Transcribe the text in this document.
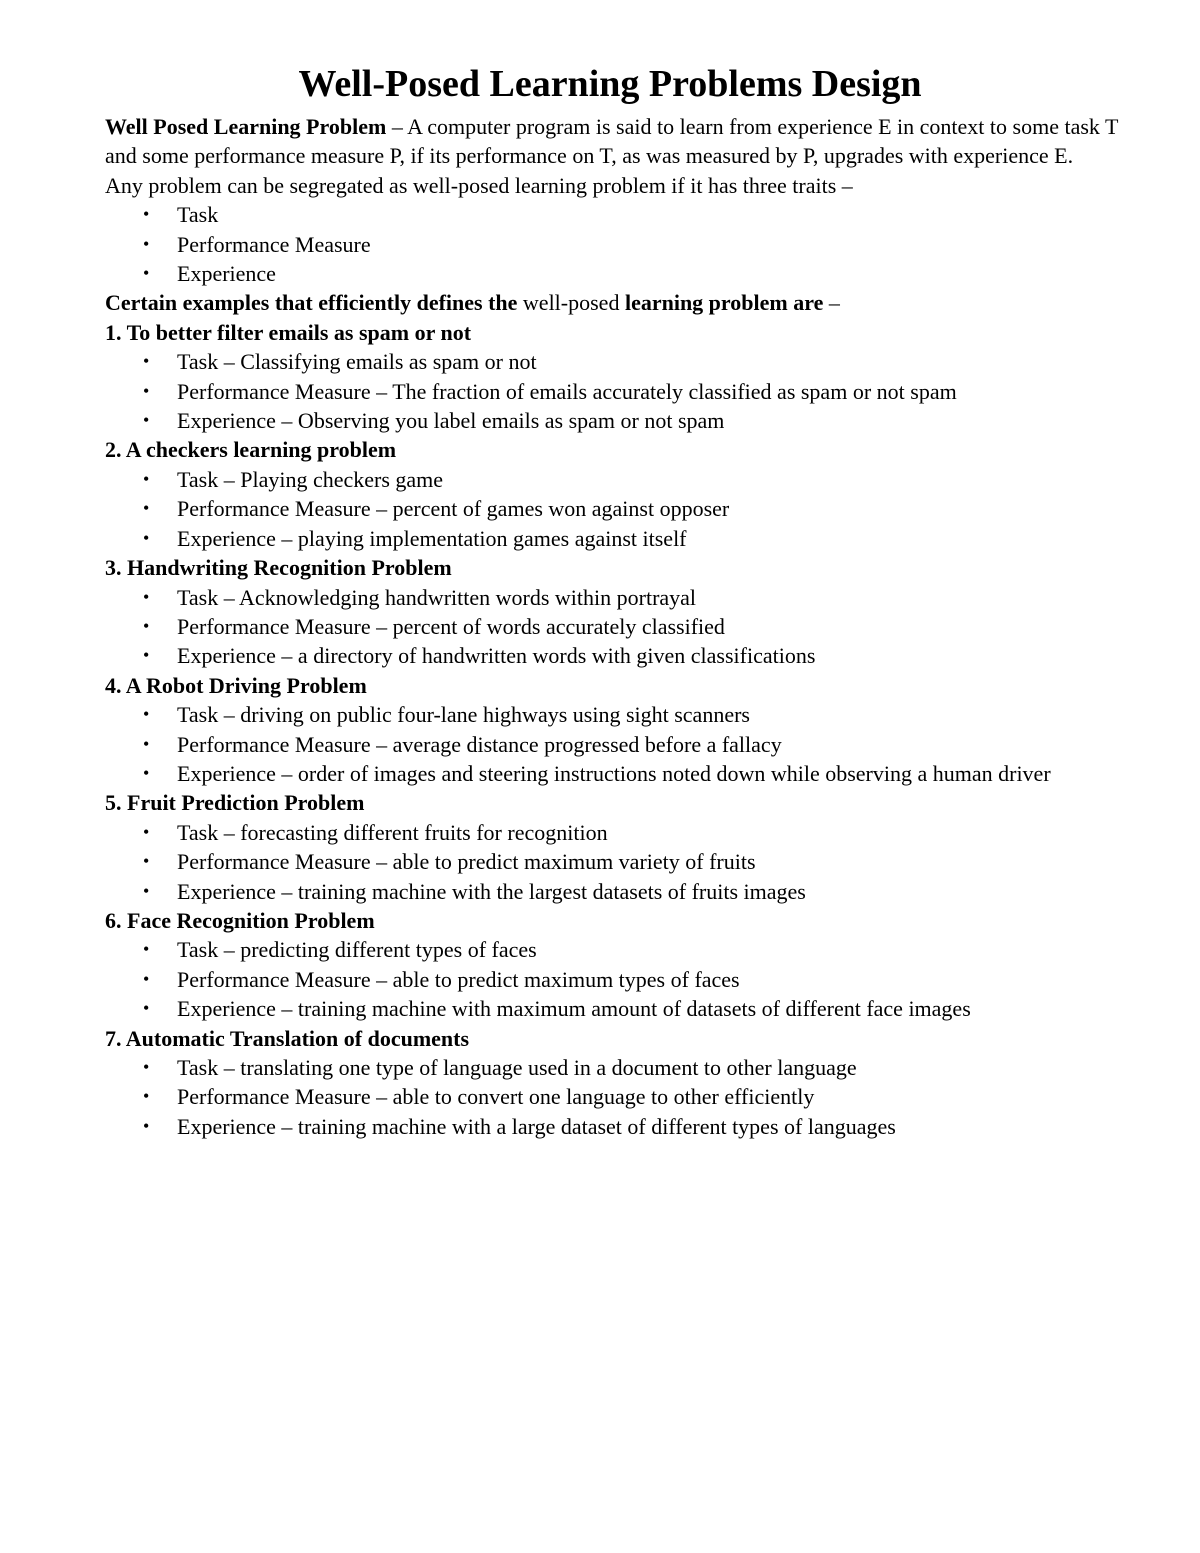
Well-Posed Learning Problems Design

Well Posed Learning Problem – A computer program is said to learn from experience E in context to some task T and some performance measure P, if its performance on T, as was measured by P, upgrades with experience E.

Any problem can be segregated as well-posed learning problem if it has three traits –

• Task
• Performance Measure
• Experience

Certain examples that efficiently defines the well-posed learning problem are –

1. To better filter emails as spam or not

• Task – Classifying emails as spam or not
• Performance Measure – The fraction of emails accurately classified as spam or not spam
• Experience – Observing you label emails as spam or not spam

2. A checkers learning problem

• Task – Playing checkers game
• Performance Measure – percent of games won against opposer
• Experience – playing implementation games against itself

3. Handwriting Recognition Problem

• Task – Acknowledging handwritten words within portrayal
• Performance Measure – percent of words accurately classified
• Experience – a directory of handwritten words with given classifications

4. A Robot Driving Problem

• Task – driving on public four-lane highways using sight scanners
• Performance Measure – average distance progressed before a fallacy
• Experience – order of images and steering instructions noted down while observing a human driver

5. Fruit Prediction Problem

• Task – forecasting different fruits for recognition
• Performance Measure – able to predict maximum variety of fruits
• Experience – training machine with the largest datasets of fruits images

6. Face Recognition Problem

• Task – predicting different types of faces
• Performance Measure – able to predict maximum types of faces
• Experience – training machine with maximum amount of datasets of different face images

7. Automatic Translation of documents

• Task – translating one type of language used in a document to other language
• Performance Measure – able to convert one language to other efficiently
• Experience – training machine with a large dataset of different types of languages
